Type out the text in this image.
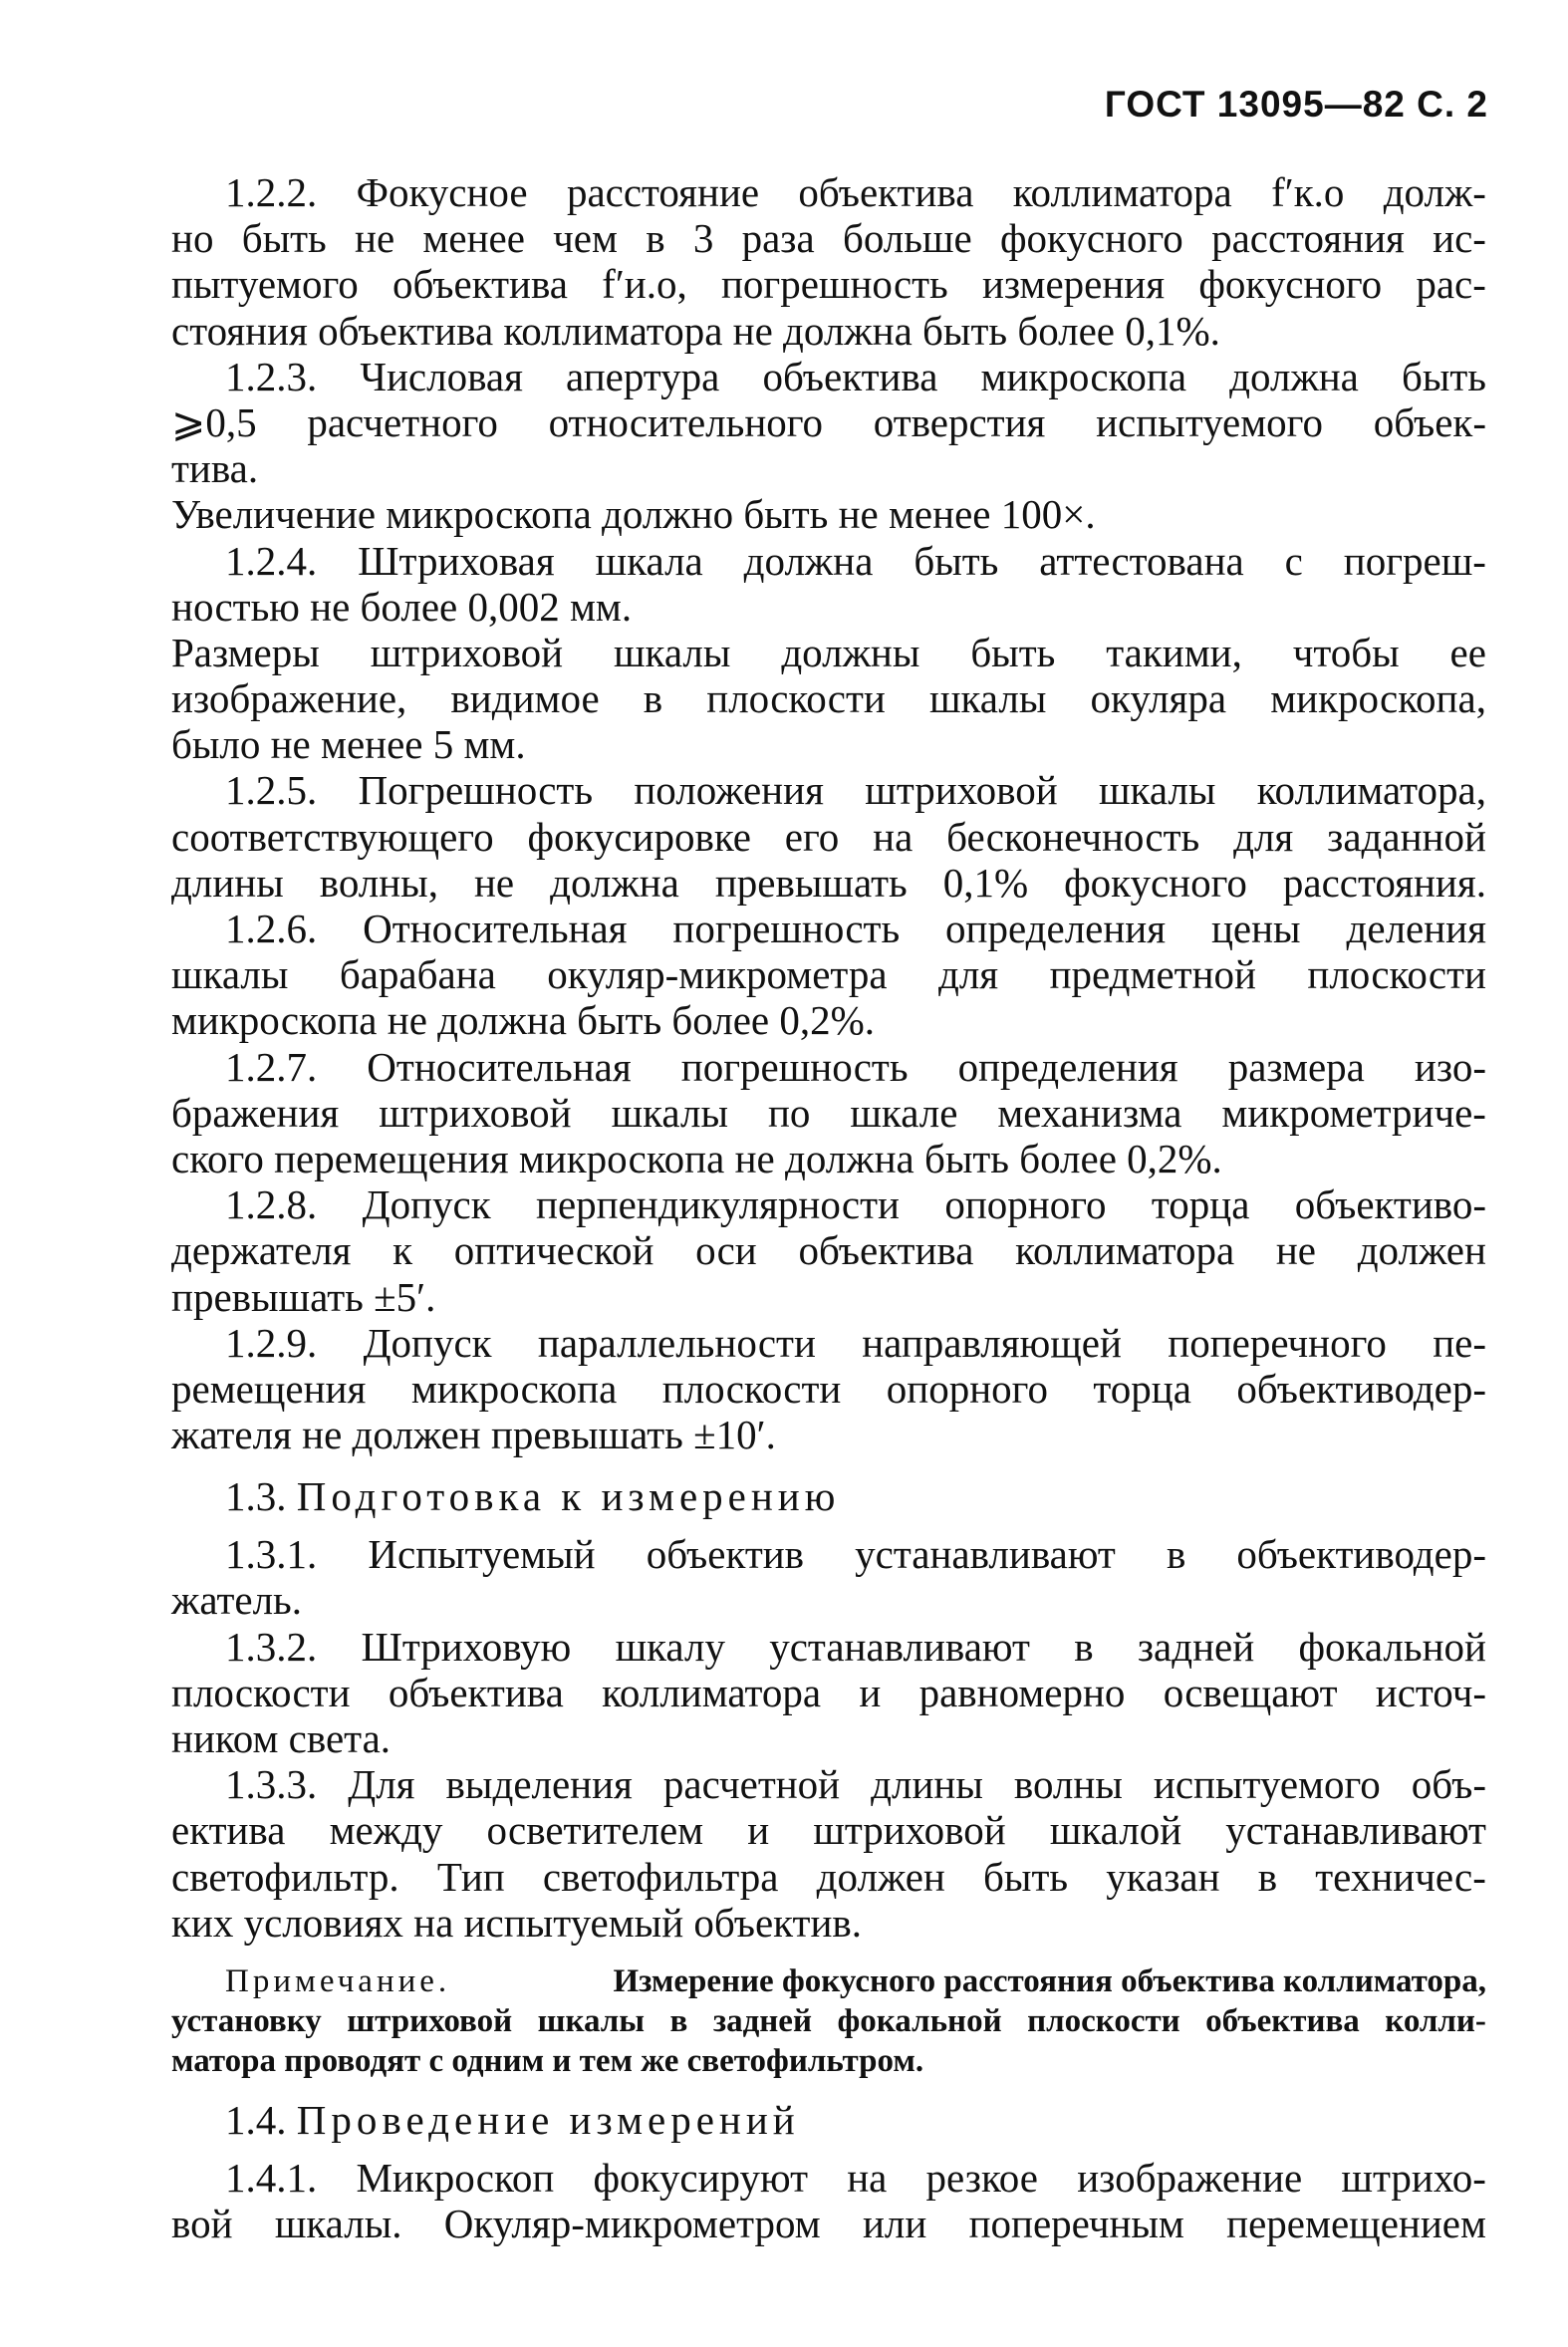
ГОСТ 13095—82 С. 2
1.2.2. Фокусное расстояние объектива коллиматора f′к.о долж-
но быть не менее чем в 3 раза больше фокусного расстояния ис-
пытуемого объектива f′и.о, погрешность измерения фокусного рас-
стояния объектива коллиматора не должна быть более 0,1%.
1.2.3. Числовая апертура объектива микроскопа должна быть
⩾0,5 расчетного относительного отверстия испытуемого объек-
тива.
Увеличение микроскопа должно быть не менее 100×.
1.2.4. Штриховая шкала должна быть аттестована с погреш-
ностью не более 0,002 мм.
Размеры штриховой шкалы должны быть такими, чтобы ее
изображение, видимое в плоскости шкалы окуляра микроскопа,
было не менее 5 мм.
1.2.5. Погрешность положения штриховой шкалы коллиматора,
соответствующего фокусировке его на бесконечность для заданной
длины волны, не должна превышать 0,1% фокусного расстояния.
1.2.6. Относительная погрешность определения цены деления
шкалы барабана окуляр-микрометра для предметной плоскости
микроскопа не должна быть более 0,2%.
1.2.7. Относительная погрешность определения размера изо-
бражения штриховой шкалы по шкале механизма микрометриче-
ского перемещения микроскопа не должна быть более 0,2%.
1.2.8. Допуск перпендикулярности опорного торца объективо-
держателя к оптической оси объектива коллиматора не должен
превышать ±5′.
1.2.9. Допуск параллельности направляющей поперечного пе-
ремещения микроскопа плоскости опорного торца объективодер-
жателя не должен превышать ±10′.
1.3. Подготовка к измерению
1.3.1. Испытуемый объектив устанавливают в объективодер-
жатель.
1.3.2. Штриховую шкалу устанавливают в задней фокальной
плоскости объектива коллиматора и равномерно освещают источ-
ником света.
1.3.3. Для выделения расчетной длины волны испытуемого объ-
ектива между осветителем и штриховой шкалой устанавливают
светофильтр. Тип светофильтра должен быть указан в техничес-
ких условиях на испытуемый объектив.
Примечание.	Измерение фокусного расстояния объектива коллиматора,
установку штриховой шкалы в задней фокальной плоскости объектива колли-
матора проводят с одним и тем же светофильтром.
1.4. Проведение измерений
1.4.1. Микроскоп фокусируют на резкое изображение штрихо-
вой шкалы. Окуляр-микрометром или поперечным перемещением
